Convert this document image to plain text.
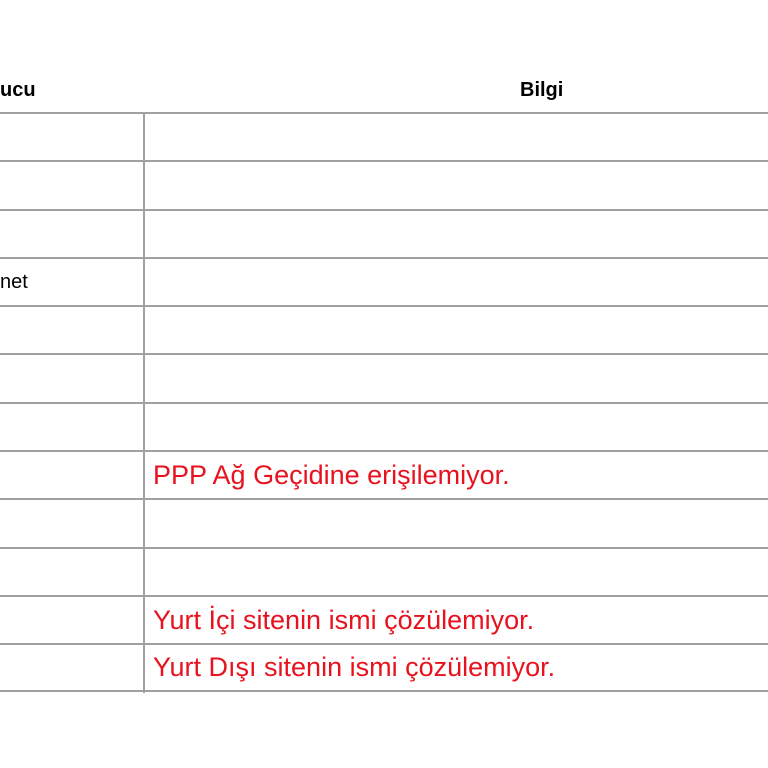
ucu	Bilgi
net
PPP Ağ Geçidine erişilemiyor.
Yurt İçi sitenin ismi çözülemiyor.
Yurt Dışı sitenin ismi çözülemiyor.
